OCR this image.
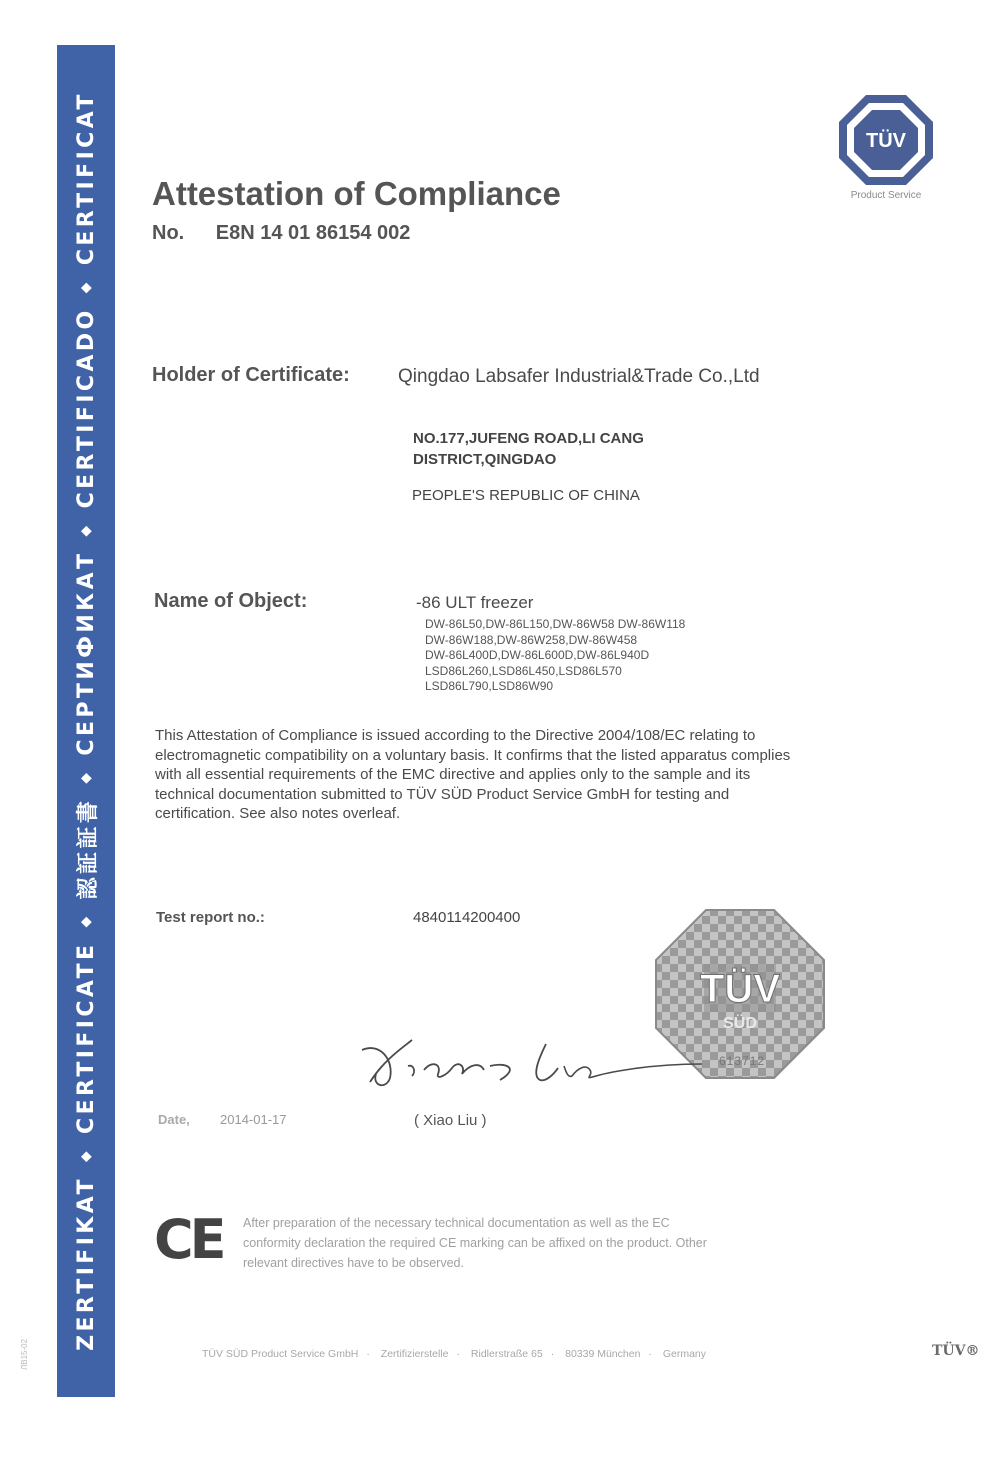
ZERTIFIKAT
◆
CERTIFICATE
◆
認証証書
◆
СЕРТИФИКАТ
◆
CERTIFICADO
◆
CERTIFICAT
ЛВ15-02
Attestation of Compliance
No. E8N 14 01 86154 002
TÜV
Product Service
Holder of Certificate:	Qingdao Labsafer Industrial&Trade Co.,Ltd
NO.177,JUFENG ROAD,LI CANG
DISTRICT,QINGDAO
PEOPLE'S REPUBLIC OF CHINA
Name of Object:	-86 ULT freezer
DW-86L50,DW-86L150,DW-86W58 DW-86W118
DW-86W188,DW-86W258,DW-86W458
DW-86L400D,DW-86L600D,DW-86L940D
LSD86L260,LSD86L450,LSD86L570
LSD86L790,LSD86W90
This Attestation of Compliance is issued according to the Directive 2004/108/EC relating to
electromagnetic compatibility on a voluntary basis. It confirms that the listed apparatus complies
with all essential requirements of the EMC directive and applies only to the sample and its
technical documentation submitted to TÜV SÜD Product Service GmbH for testing and
certification. See also notes overleaf.
Test report no.:	4840114200400
TÜV
SÜD
613712
Date, 2014-01-17	( Xiao Liu )
CE After preparation of the necessary technical documentation as well as the EC
conformity declaration the required CE marking can be affixed on the product. Other
relevant directives have to be observed.
TÜV SÜD Product Service GmbH · Zertifizierstelle · Ridlerstraße 65 · 80339 München · Germany	TÜV®
